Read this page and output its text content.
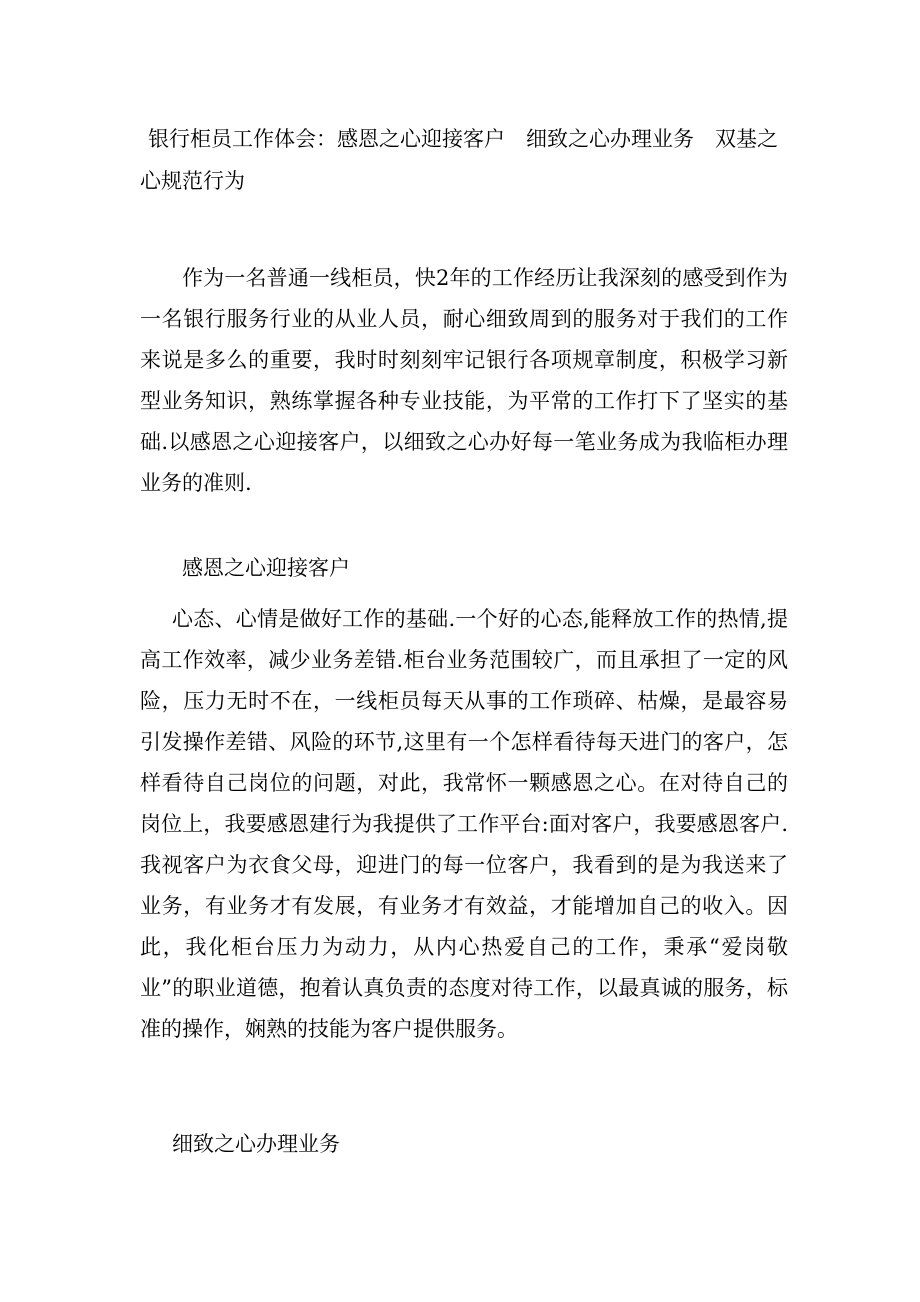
银行柜员工作体会：感恩之心迎接客户　细致之心办理业务　双基之心规范行为

作为一名普通一线柜员，快2年的工作经历让我深刻的感受到作为一名银行服务行业的从业人员，耐心细致周到的服务对于我们的工作来说是多么的重要，我时时刻刻牢记银行各项规章制度，积极学习新型业务知识，熟练掌握各种专业技能，为平常的工作打下了坚实的基础.以感恩之心迎接客户，以细致之心办好每一笔业务成为我临柜办理业务的准则.

感恩之心迎接客户

心态、心情是做好工作的基础.一个好的心态,能释放工作的热情,提高工作效率，减少业务差错.柜台业务范围较广，而且承担了一定的风险，压力无时不在，一线柜员每天从事的工作琐碎、枯燥，是最容易引发操作差错、风险的环节,这里有一个怎样看待每天进门的客户，怎样看待自己岗位的问题，对此，我常怀一颗感恩之心。在对待自己的岗位上，我要感恩建行为我提供了工作平台:面对客户，我要感恩客户.我视客户为衣食父母，迎进门的每一位客户，我看到的是为我送来了业务，有业务才有发展，有业务才有效益，才能增加自己的收入。因此，我化柜台压力为动力，从内心热爱自己的工作，秉承“爱岗敬业”的职业道德，抱着认真负责的态度对待工作，以最真诚的服务，标准的操作，娴熟的技能为客户提供服务。

细致之心办理业务
